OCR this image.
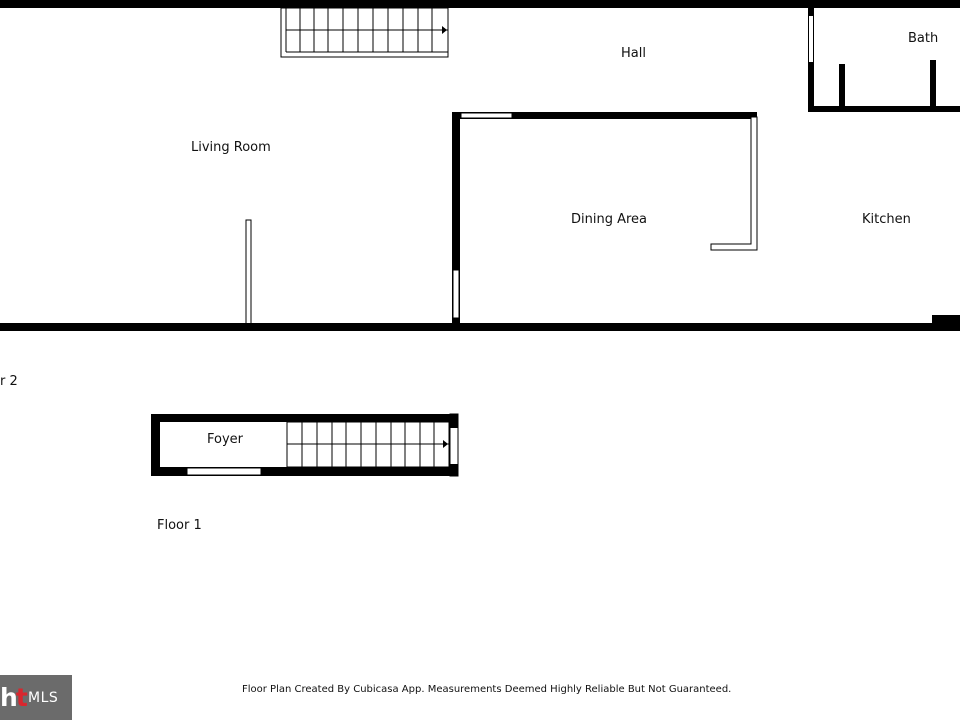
Hall
Bath
Living Room
Dining Area	Kitchen
r 2
Foyer
Floor 1
Floor Plan Created By Cubicasa App. Measurements Deemed Highly Reliable But Not Guaranteed.
ht MLS
